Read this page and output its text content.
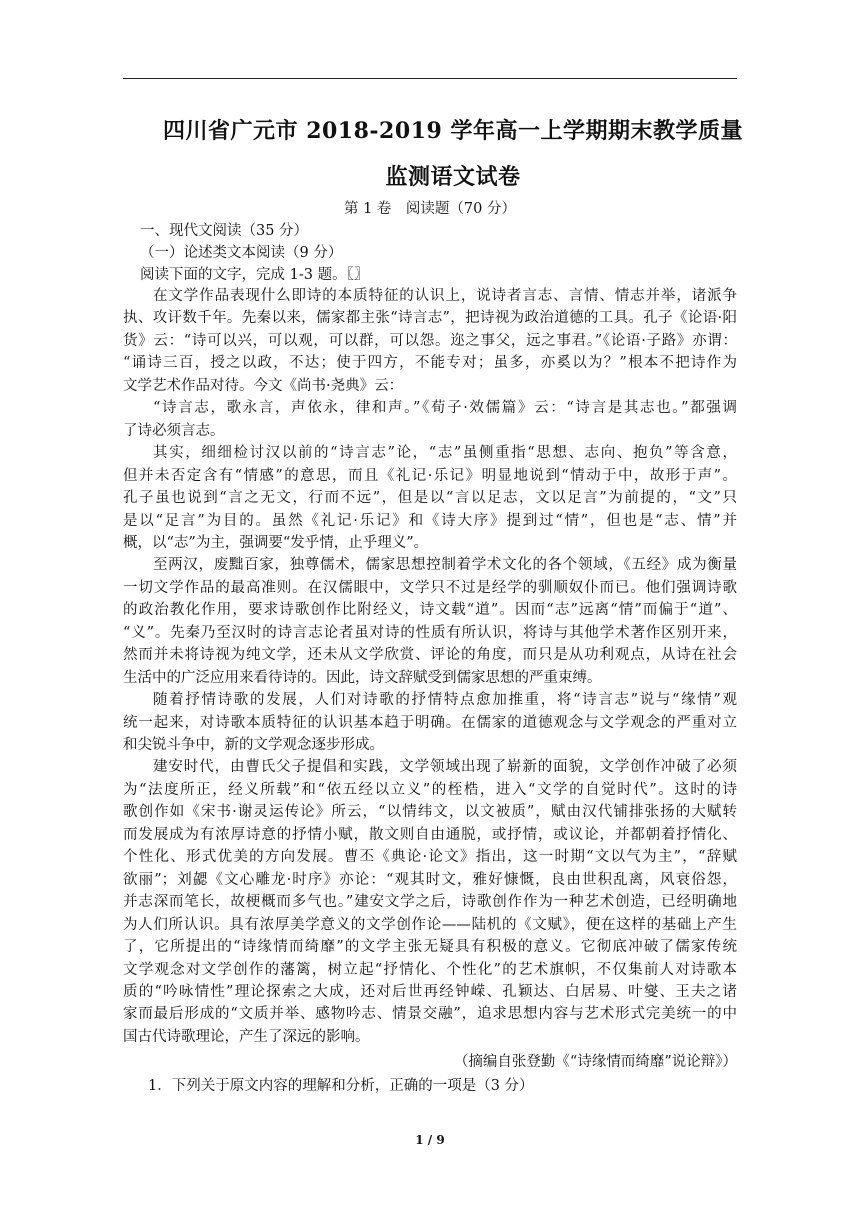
四川省广元市 2018-2019 学年高一上学期期末教学质量
监测语文试卷
第 1 卷　阅读题（70 分）
一、现代文阅读（35 分）
（一）论述类文本阅读（9 分）
阅读下面的文字，完成 1-3 题。〖〗
在文学作品表现什么即诗的本质特征的认识上，说诗者言志、言情、情志并举，诸派争
执、攻讦数千年。先秦以来，儒家都主张“诗言志”，把诗视为政治道德的工具。孔子《论语·阳
货》云：“诗可以兴，可以观，可以群，可以怨。迩之事父，远之事君。”《论语·子路》亦谓：
“诵诗三百，授之以政，不达；使于四方，不能专对；虽多，亦奚以为？”根本不把诗作为
文学艺术作品对待。今文《尚书·尧典》云：
“诗言志，歌永言，声依永，律和声。”《荀子·效儒篇》云：“诗言是其志也。”都强调
了诗必须言志。
其实，细细检讨汉以前的“诗言志”论，“志”虽侧重指“思想、志向、抱负”等含意，
但并未否定含有“情感”的意思，而且《礼记·乐记》明显地说到“情动于中，故形于声”。
孔子虽也说到“言之无文，行而不远”，但是以“言以足志，文以足言”为前提的，“文”只
是以“足言”为目的。虽然《礼记·乐记》和《诗大序》提到过“情”，但也是“志、情”并
概，以“志”为主，强调要“发乎情，止乎理义”。
至两汉，废黜百家，独尊儒术，儒家思想控制着学术文化的各个领域，《五经》成为衡量
一切文学作品的最高准则。在汉儒眼中，文学只不过是经学的驯顺奴仆而已。他们强调诗歌
的政治教化作用，要求诗歌创作比附经义，诗文载“道”。因而“志”远离“情”而偏于“道”、
“义”。先秦乃至汉时的诗言志论者虽对诗的性质有所认识，将诗与其他学术著作区别开来，
然而并未将诗视为纯文学，还未从文学欣赏、评论的角度，而只是从功利观点，从诗在社会
生活中的广泛应用来看待诗的。因此，诗文辞赋受到儒家思想的严重束缚。
随着抒情诗歌的发展，人们对诗歌的抒情特点愈加推重，将“诗言志”说与“缘情”观
统一起来，对诗歌本质特征的认识基本趋于明确。在儒家的道德观念与文学观念的严重对立
和尖锐斗争中，新的文学观念逐步形成。
建安时代，由曹氏父子提倡和实践，文学领域出现了崭新的面貌，文学创作冲破了必须
为“法度所正，经义所载”和“依五经以立义”的桎梏，进入“文学的自觉时代”。这时的诗
歌创作如《宋书·谢灵运传论》所云，“以情纬文，以文被质”，赋由汉代铺排张扬的大赋转
而发展成为有浓厚诗意的抒情小赋，散文则自由通脱，或抒情，或议论，并都朝着抒情化、
个性化、形式优美的方向发展。曹丕《典论·论文》指出，这一时期“文以气为主”，“辞赋
欲丽”；刘勰《文心雕龙·时序》亦论：“观其时文，雅好慷慨，良由世积乱离，风衰俗怨，
并志深而笔长，故梗概而多气也。”建安文学之后，诗歌创作作为一种艺术创造，已经明确地
为人们所认识。具有浓厚美学意义的文学创作论——陆机的《文赋》，便在这样的基础上产生
了，它所提出的“诗缘情而绮靡”的文学主张无疑具有积极的意义。它彻底冲破了儒家传统
文学观念对文学创作的藩篱，树立起“抒情化、个性化”的艺术旗帜，不仅集前人对诗歌本
质的“吟咏情性”理论探索之大成，还对后世再经钟嵘、孔颖达、白居易、叶燮、王夫之诸
家而最后形成的“文质并举、感物吟志、情景交融”，追求思想内容与艺术形式完美统一的中
国古代诗歌理论，产生了深远的影响。
（摘编自张登勤《“诗缘情而绮靡”说论辩》）
1．下列关于原文内容的理解和分析，正确的一项是（3 分）
1 / 9
